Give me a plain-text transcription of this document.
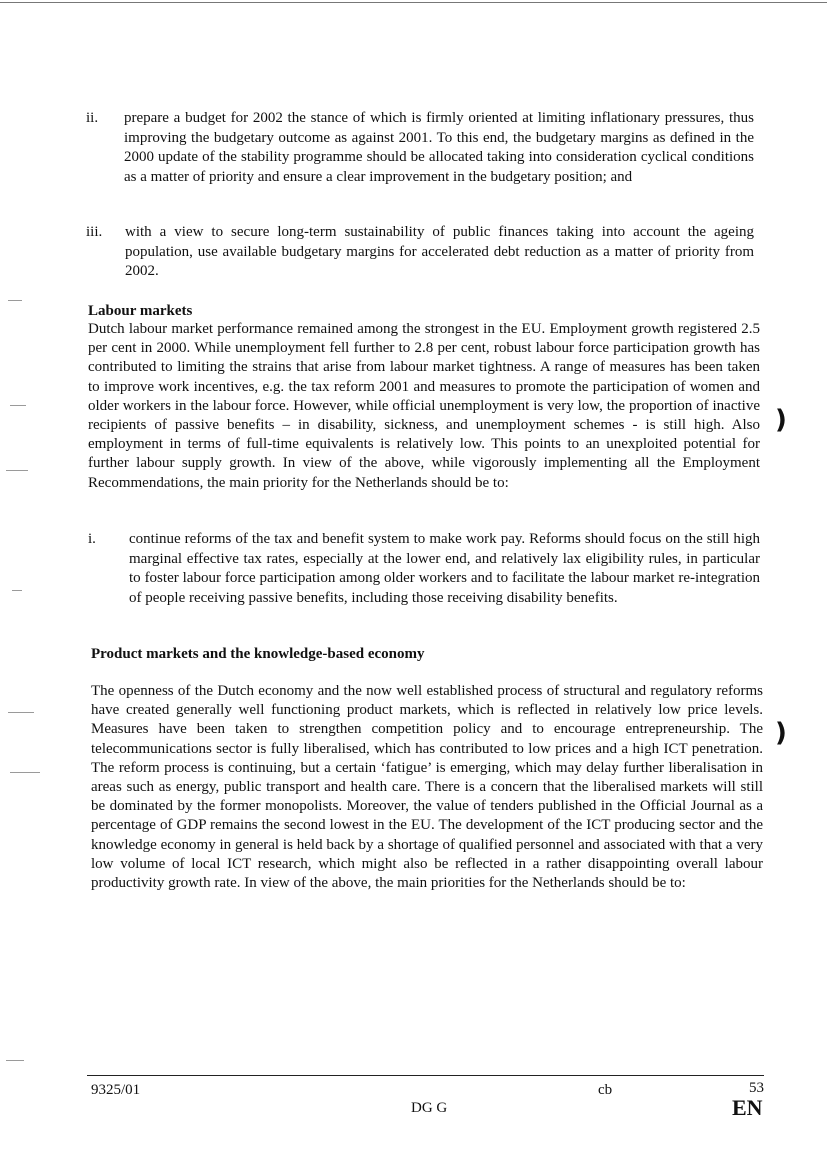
ii. prepare a budget for 2002 the stance of which is firmly oriented at limiting inflationary pressures, thus improving the budgetary outcome as against 2001. To this end, the budgetary margins as defined in the 2000 update of the stability programme should be allocated taking into consideration cyclical conditions as a matter of priority and ensure a clear improvement in the budgetary position; and
iii. with a view to secure long-term sustainability of public finances taking into account the ageing population, use available budgetary margins for accelerated debt reduction as a matter of priority from 2002.
Labour markets
Dutch labour market performance remained among the strongest in the EU. Employment growth registered 2.5 per cent in 2000. While unemployment fell further to 2.8 per cent, robust labour force participation growth has contributed to limiting the strains that arise from labour market tightness. A range of measures has been taken to improve work incentives, e.g. the tax reform 2001 and measures to promote the participation of women and older workers in the labour force. However, while official unemployment is very low, the proportion of inactive recipients of passive benefits – in disability, sickness, and unemployment schemes - is still high. Also employment in terms of full-time equivalents is relatively low. This points to an unexploited potential for further labour supply growth. In view of the above, while vigorously implementing all the Employment Recommendations, the main priority for the Netherlands should be to:
i. continue reforms of the tax and benefit system to make work pay. Reforms should focus on the still high marginal effective tax rates, especially at the lower end, and relatively lax eligibility rules, in particular to foster labour force participation among older workers and to facilitate the labour market re-integration of people receiving passive benefits, including those receiving disability benefits.
Product markets and the knowledge-based economy
The openness of the Dutch economy and the now well established process of structural and regulatory reforms have created generally well functioning product markets, which is reflected in relatively low price levels. Measures have been taken to strengthen competition policy and to encourage entrepreneurship. The telecommunications sector is fully liberalised, which has contributed to low prices and a high ICT penetration. The reform process is continuing, but a certain ‘fatigue’ is emerging, which may delay further liberalisation in areas such as energy, public transport and health care. There is a concern that the liberalised markets will still be dominated by the former monopolists. Moreover, the value of tenders published in the Official Journal as a percentage of GDP remains the second lowest in the EU. The development of the ICT producing sector and the knowledge economy in general is held back by a shortage of qualified personnel and associated with that a very low volume of local ICT research, which might also be reflected in a rather disappointing overall labour productivity growth rate. In view of the above, the main priorities for the Netherlands should be to:
)
)
9325/01	cb	53
DG G	EN
